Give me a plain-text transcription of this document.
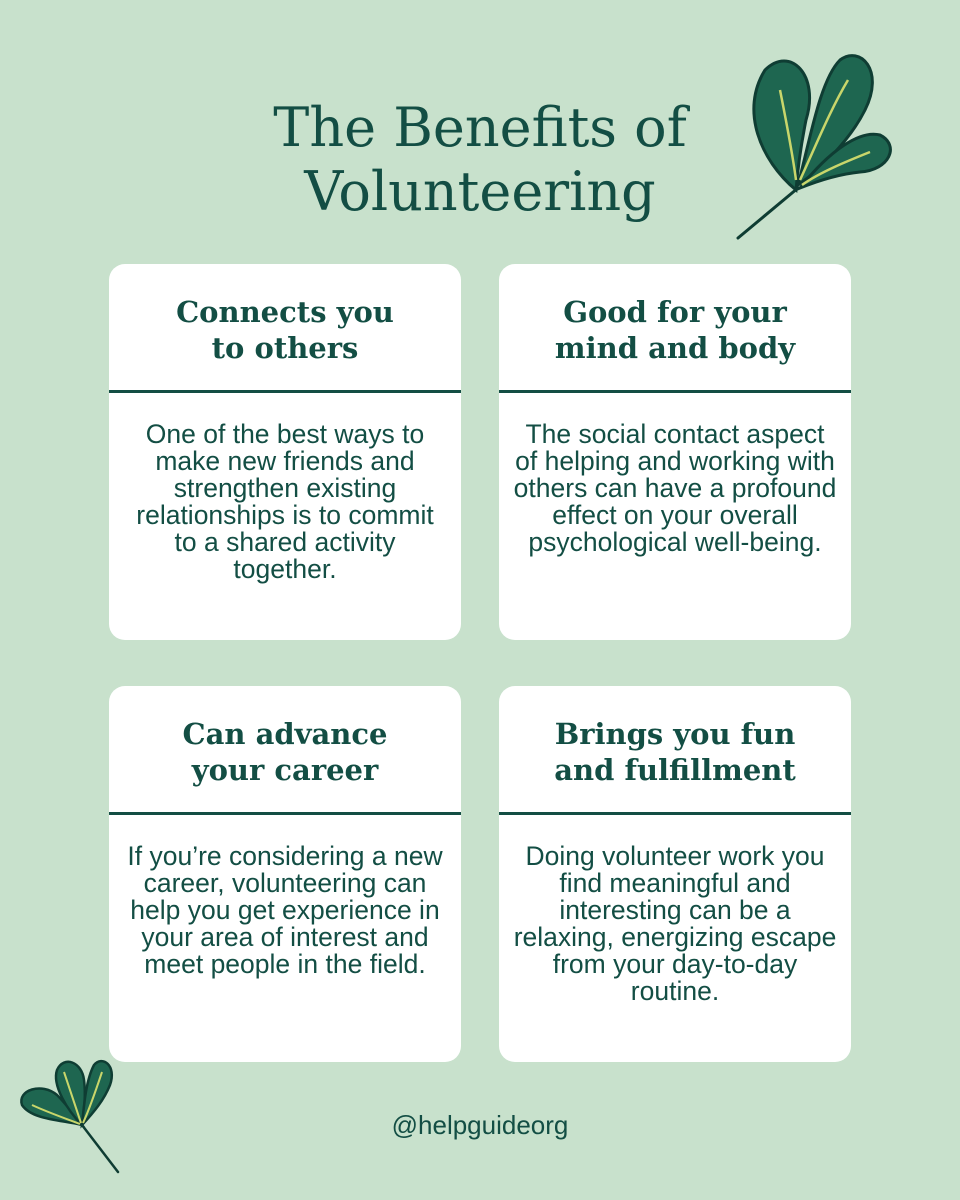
The Benefits of
Volunteering
Connects you
to others
One of the best ways to make new friends and strengthen existing relationships is to commit to a shared activity together.
Good for your
mind and body
The social contact aspect of helping and working with others can have a profound effect on your overall psychological well-being.
Can advance
your career
If you’re considering a new career, volunteering can help you get experience in your area of interest and meet people in the field.
Brings you fun
and fulfillment
Doing volunteer work you find meaningful and interesting can be a relaxing, energizing escape from your day-to-day routine.
@helpguideorg
